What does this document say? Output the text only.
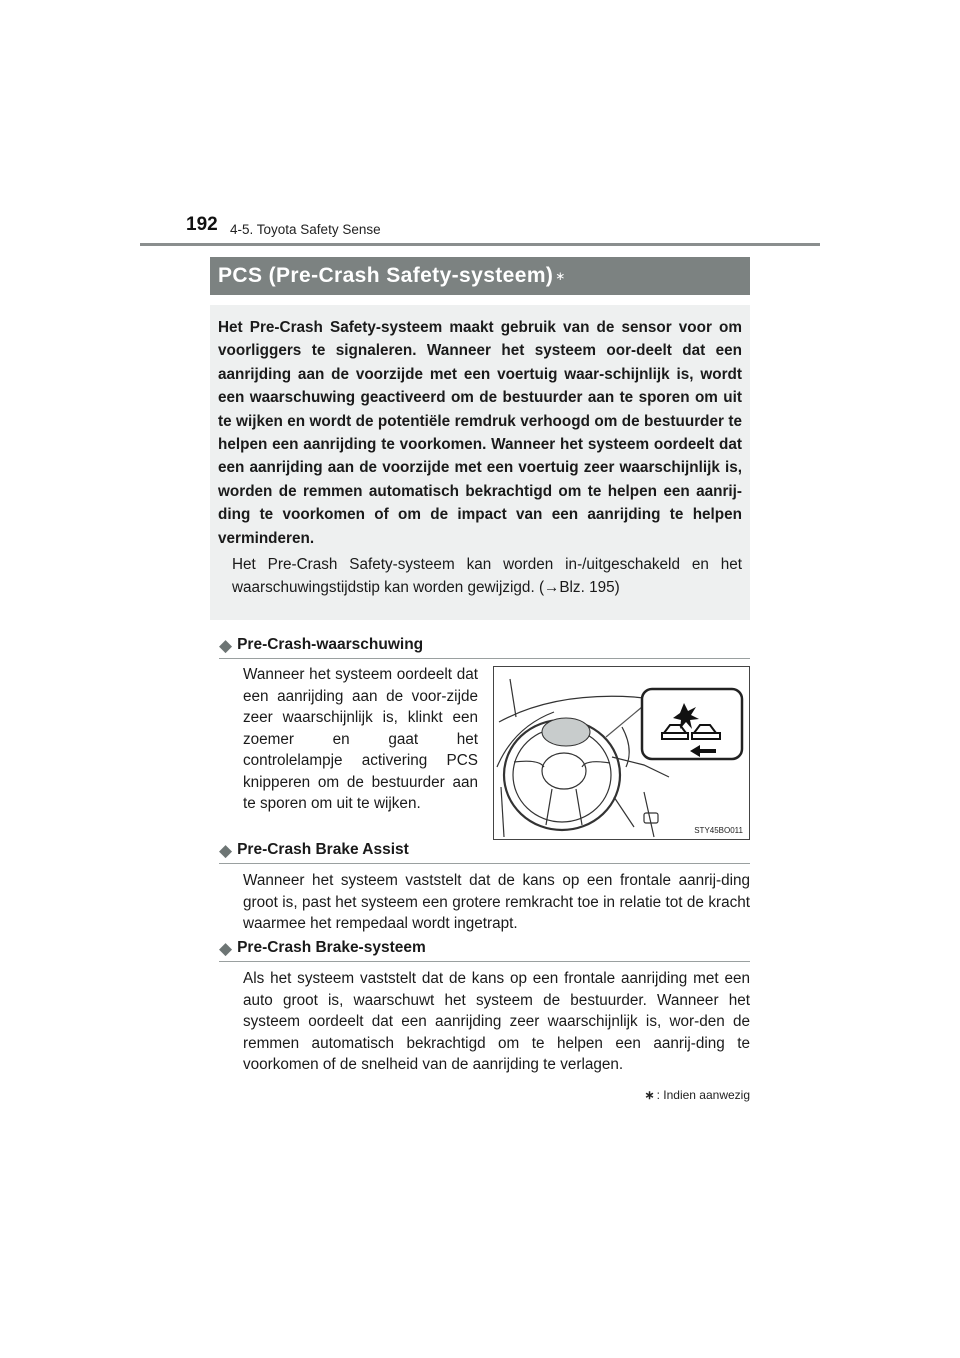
192 4-5. Toyota Safety Sense
PCS (Pre-Crash Safety-systeem) ∗

Het Pre-Crash Safety-systeem maakt gebruik van de sensor voor om voorliggers te signaleren. Wanneer het systeem oor-deelt dat een aanrijding aan de voorzijde met een voertuig waar-schijnlijk is, wordt een waarschuwing geactiveerd om de bestuurder aan te sporen om uit te wijken en wordt de potentiële remdruk verhoogd om de bestuurder te helpen een aanrijding te voorkomen. Wanneer het systeem oordeelt dat een aanrijding aan de voorzijde met een voertuig zeer waarschijnlijk is, worden de remmen automatisch bekrachtigd om te helpen een aanrij-ding te voorkomen of om de impact van een aanrijding te helpen verminderen.

Het Pre-Crash Safety-systeem kan worden in-/uitgeschakeld en het waarschuwingstijdstip kan worden gewijzigd. (→Blz. 195)

◆ Pre-Crash-waarschuwing

Wanneer het systeem oordeelt dat een aanrijding aan de voor-zijde zeer waarschijnlijk is, klinkt een zoemer en gaat het controlelampje activering PCS knipperen om de bestuurder aan te sporen om uit te wijken.

STY45BO011
◆ Pre-Crash Brake Assist

Wanneer het systeem vaststelt dat de kans op een frontale aanrij-ding groot is, past het systeem een grotere remkracht toe in relatie tot de kracht waarmee het rempedaal wordt ingetrapt.

◆ Pre-Crash Brake-systeem

Als het systeem vaststelt dat de kans op een frontale aanrijding met een auto groot is, waarschuwt het systeem de bestuurder. Wanneer het systeem oordeelt dat een aanrijding zeer waarschijnlijk is, wor-den de remmen automatisch bekrachtigd om te helpen een aanrij-ding te voorkomen of de snelheid van de aanrijding te verlagen.

∗ : Indien aanwezig
